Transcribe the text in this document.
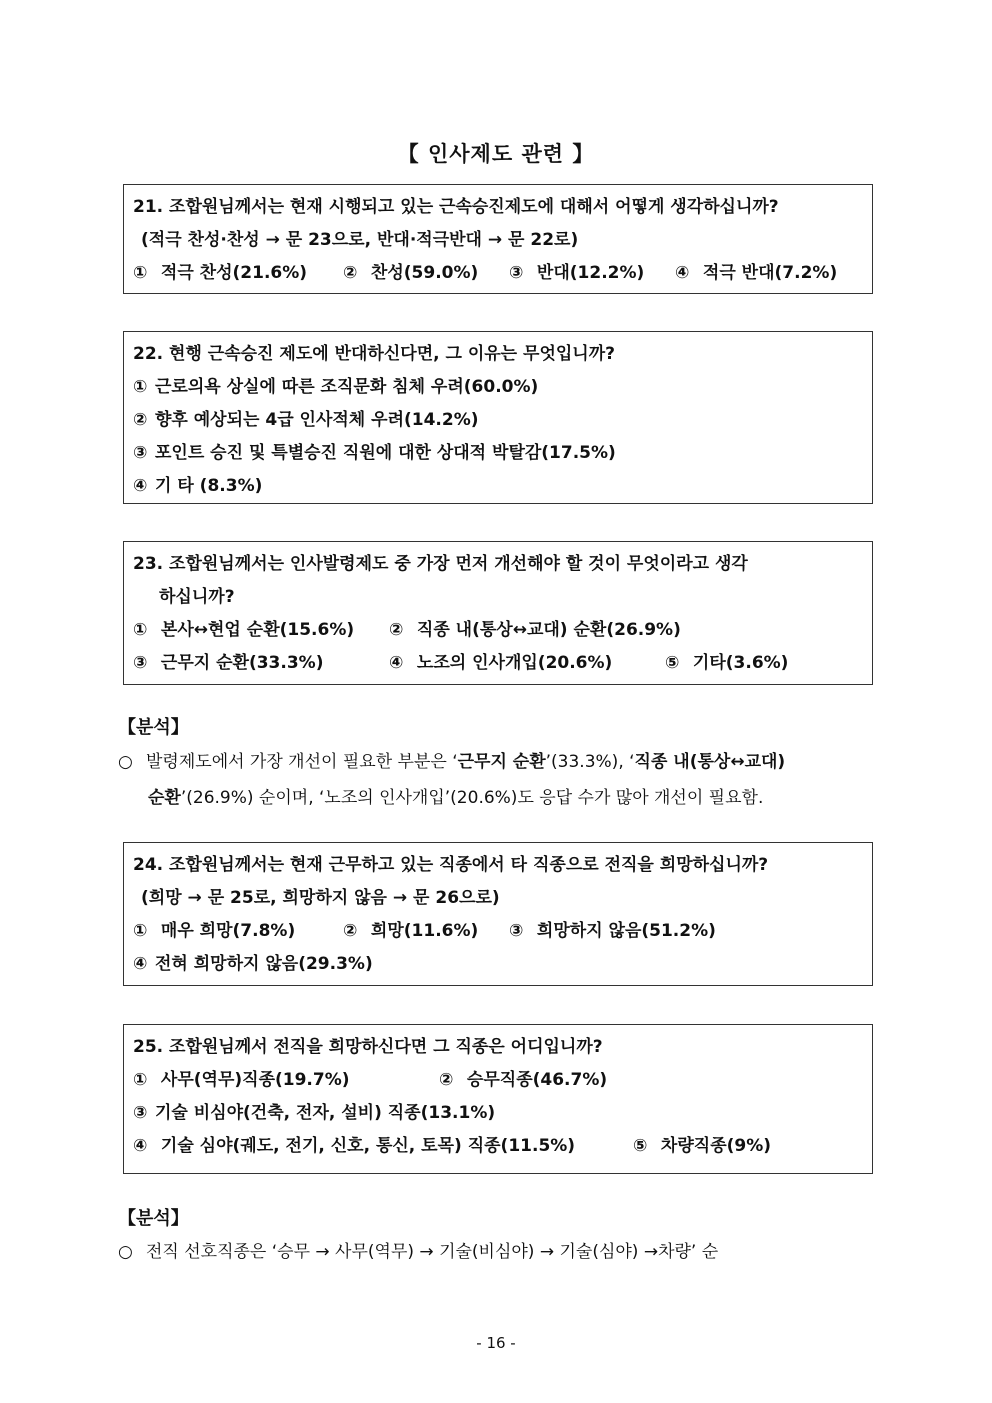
【 인사제도 관련 】
21. 조합원님께서는 현재 시행되고 있는 근속승진제도에 대해서 어떻게 생각하십니까?
(적극 찬성·찬성 → 문 23으로, 반대·적극반대 → 문 22로)
① 적극 찬성(21.6%)	② 찬성(59.0%)	③ 반대(12.2%)	④ 적극 반대(7.2%)
22. 현행 근속승진 제도에 반대하신다면, 그 이유는 무엇입니까?
① 근로의욕 상실에 따른 조직문화 침체 우려(60.0%)
② 향후 예상되는 4급 인사적체 우려(14.2%)
③ 포인트 승진 및 특별승진 직원에 대한 상대적 박탈감(17.5%)
④ 기 타 (8.3%)
23. 조합원님께서는 인사발령제도 중 가장 먼저 개선해야 할 것이 무엇이라고 생각
하십니까?
① 본사↔현업 순환(15.6%)	② 직종 내(통상↔교대) 순환(26.9%)
③ 근무지 순환(33.3%)	④ 노조의 인사개입(20.6%)	⑤ 기타(3.6%)
【분석】
○ 발령제도에서 가장 개선이 필요한 부분은 ‘근무지 순환’(33.3%), ‘직종 내(통상↔교대)
순환’(26.9%) 순이며, ‘노조의 인사개입’(20.6%)도 응답 수가 많아 개선이 필요함.
24. 조합원님께서는 현재 근무하고 있는 직종에서 타 직종으로 전직을 희망하십니까?
(희망 → 문 25로, 희망하지 않음 → 문 26으로)
① 매우 희망(7.8%)	② 희망(11.6%)	③ 희망하지 않음(51.2%)
④ 전혀 희망하지 않음(29.3%)
25. 조합원님께서 전직을 희망하신다면 그 직종은 어디입니까?
① 사무(역무)직종(19.7%)	② 승무직종(46.7%)
③ 기술 비심야(건축, 전자, 설비) 직종(13.1%)
④ 기술 심야(궤도, 전기, 신호, 통신, 토목) 직종(11.5%)	⑤ 차량직종(9%)
【분석】
○ 전직 선호직종은 ‘승무 → 사무(역무) → 기술(비심야) → 기술(심야) →차량’ 순
- 16 -
